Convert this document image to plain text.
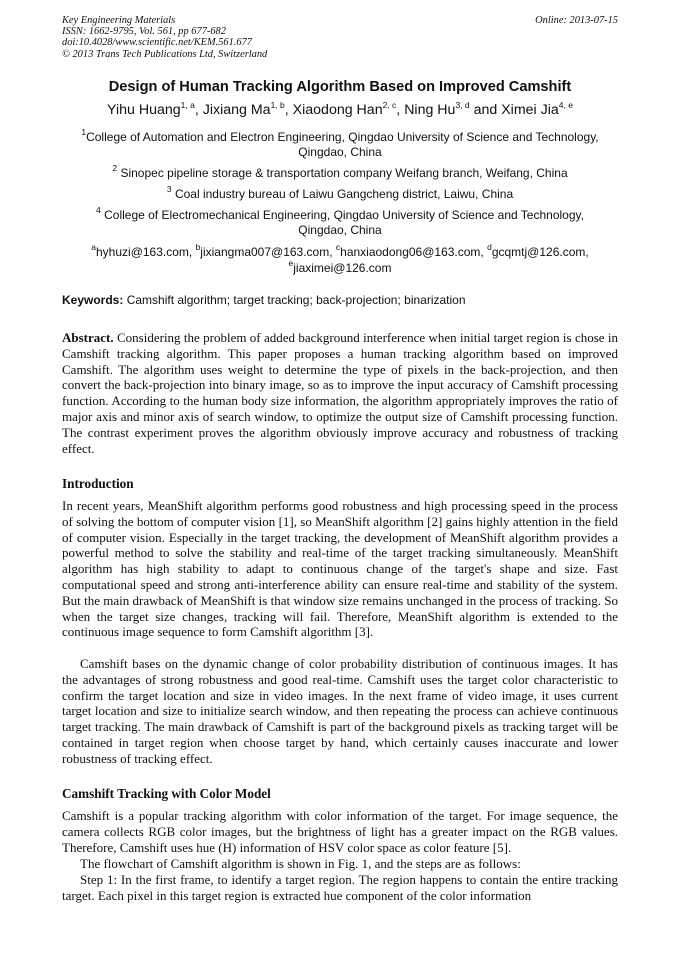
Key Engineering Materials
ISSN: 1662-9795, Vol. 561, pp 677-682
doi:10.4028/www.scientific.net/KEM.561.677
© 2013 Trans Tech Publications Ltd, Switzerland
Online: 2013-07-15
Design of Human Tracking Algorithm Based on Improved Camshift
Yihu Huang$^{1, a}$, Jixiang Ma$^{1, b}$, Xiaodong Han$^{2, c}$, Ning Hu$^{3, d}$ and Ximei Jia$^{4, e}$
$^1$College of Automation and Electron Engineering, Qingdao University of Science and Technology,
Qingdao, China
$^2$ Sinopec pipeline storage & transportation company Weifang branch, Weifang, China
$^3$ Coal industry bureau of Laiwu Gangcheng district, Laiwu, China
$^4$ College of Electromechanical Engineering, Qingdao University of Science and Technology,
Qingdao, China
$^a$hyhuzi@163.com, $^b$jixiangma007@163.com, $^c$hanxiaodong06@163.com, $^d$gcqmtj@126.com,
$^e$jiaximei@126.com
Keywords: Camshift algorithm; target tracking; back-projection; binarization
Abstract. Considering the problem of added background interference when initial target region is chose in Camshift tracking algorithm. This paper proposes a human tracking algorithm based on improved Camshift. The algorithm uses weight to determine the type of pixels in the back-projection, and then convert the back-projection into binary image, so as to improve the input accuracy of Camshift processing function. According to the human body size information, the algorithm appropriately improves the ratio of major axis and minor axis of search window, to optimize the output size of Camshift processing function. The contrast experiment proves the algorithm obviously improve accuracy and robustness of tracking effect.
Introduction
In recent years, MeanShift algorithm performs good robustness and high processing speed in the process of solving the bottom of computer vision [1], so MeanShift algorithm [2] gains highly attention in the field of computer vision. Especially in the target tracking, the development of MeanShift algorithm provides a powerful method to solve the stability and real-time of the target tracking simultaneously. MeanShift algorithm has high stability to adapt to continuous change of the target's shape and size. Fast computational speed and strong anti-interference ability can ensure real-time and stability of the system. But the main drawback of MeanShift is that window size remains unchanged in the process of tracking. So when the target size changes, tracking will fail. Therefore, MeanShift algorithm is extended to the continuous image sequence to form Camshift algorithm [3].
Camshift bases on the dynamic change of color probability distribution of continuous images. It has the advantages of strong robustness and good real-time. Camshift uses the target color characteristic to confirm the target location and size in video images. In the next frame of video image, it uses current target location and size to initialize search window, and then repeating the process can achieve continuous target tracking. The main drawback of Camshift is part of the background pixels as tracking target will be contained in target region when choose target by hand, which certainly causes inaccurate and lower robustness of tracking effect.
Camshift Tracking with Color Model
Camshift is a popular tracking algorithm with color information of the target. For image sequence, the camera collects RGB color images, but the brightness of light has a greater impact on the RGB values. Therefore, Camshift uses hue (H) information of HSV color space as color feature [5].
The flowchart of Camshift algorithm is shown in Fig. 1, and the steps are as follows:
Step 1: In the first frame, to identify a target region. The region happens to contain the entire tracking target. Each pixel in this target region is extracted hue component of the color information
